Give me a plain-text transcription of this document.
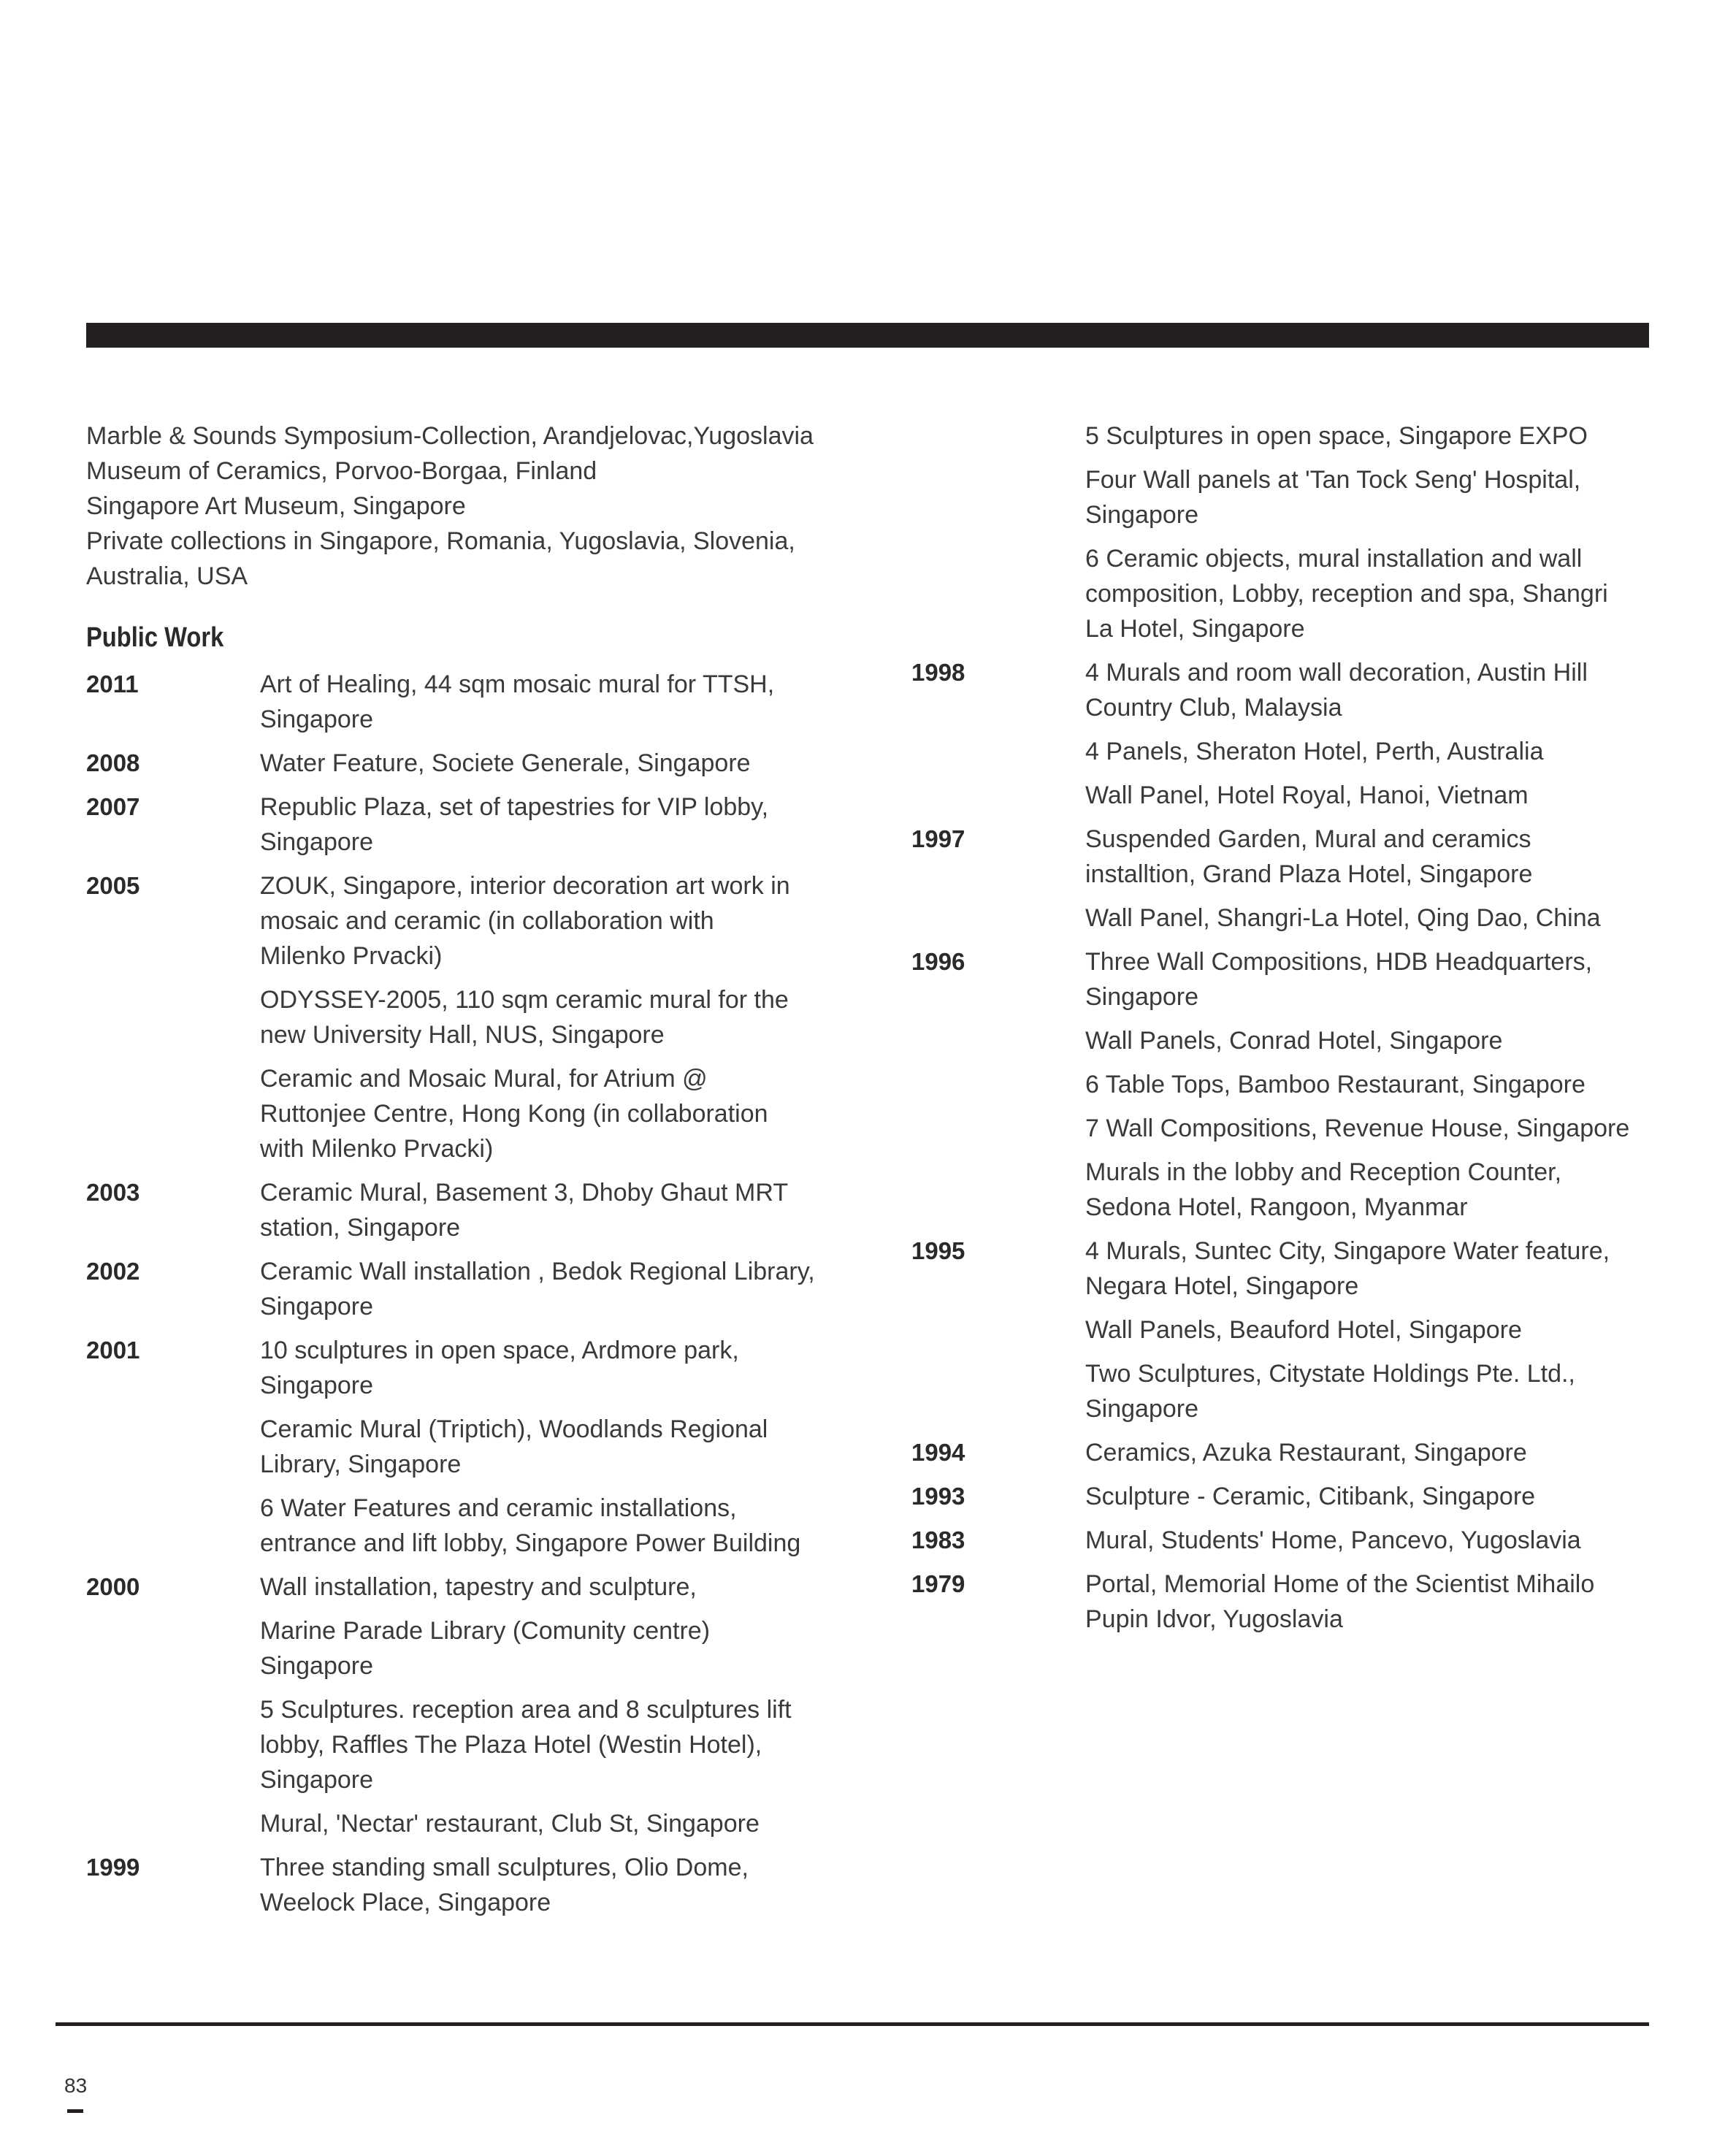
Marble & Sounds Symposium-Collection, Arandjelovac,Yugoslavia
Museum of Ceramics, Porvoo-Borgaa, Finland
Singapore Art Museum, Singapore
Private collections in Singapore, Romania, Yugoslavia, Slovenia,
Australia, USA
Public Work
2011	Art of Healing, 44 sqm mosaic mural for TTSH,
Singapore
2008	Water Feature, Societe Generale, Singapore
2007	Republic Plaza, set of tapestries for VIP lobby,
Singapore
2005	ZOUK, Singapore, interior decoration art work in
mosaic and ceramic (in collaboration with
Milenko Prvacki)
ODYSSEY-2005, 110 sqm ceramic mural for the
new University Hall, NUS, Singapore
Ceramic and Mosaic Mural, for Atrium @
Ruttonjee Centre, Hong Kong (in collaboration
with Milenko Prvacki)
2003	Ceramic Mural, Basement 3, Dhoby Ghaut MRT
station, Singapore
2002	Ceramic Wall installation , Bedok Regional Library,
Singapore
2001	10 sculptures in open space, Ardmore park,
Singapore
Ceramic Mural (Triptich), Woodlands Regional
Library, Singapore
6 Water Features and ceramic installations,
entrance and lift lobby, Singapore Power Building
2000	Wall installation, tapestry and sculpture,
Marine Parade Library (Comunity centre)
Singapore
5 Sculptures. reception area and 8 sculptures lift
lobby, Raffles The Plaza Hotel (Westin Hotel),
Singapore
Mural, 'Nectar' restaurant, Club St, Singapore
1999	Three standing small sculptures, Olio Dome,
Weelock Place, Singapore
5 Sculptures in open space, Singapore EXPO
Four Wall panels at 'Tan Tock Seng' Hospital,
Singapore
6 Ceramic objects, mural installation and wall
composition, Lobby, reception and spa, Shangri
La Hotel, Singapore
1998	4 Murals and room wall decoration, Austin Hill
Country Club, Malaysia
4 Panels, Sheraton Hotel, Perth, Australia
Wall Panel, Hotel Royal, Hanoi, Vietnam
1997	Suspended Garden, Mural and ceramics
installtion, Grand Plaza Hotel, Singapore
Wall Panel, Shangri-La Hotel, Qing Dao, China
1996	Three Wall Compositions, HDB Headquarters,
Singapore
Wall Panels, Conrad Hotel, Singapore
6 Table Tops, Bamboo Restaurant, Singapore
7 Wall Compositions, Revenue House, Singapore
Murals in the lobby and Reception Counter,
Sedona Hotel, Rangoon, Myanmar
1995	4 Murals, Suntec City, Singapore Water feature,
Negara Hotel, Singapore
Wall Panels, Beauford Hotel, Singapore
Two Sculptures, Citystate Holdings Pte. Ltd.,
Singapore
1994	Ceramics, Azuka Restaurant, Singapore
1993	Sculpture - Ceramic, Citibank, Singapore
1983	Mural, Students' Home, Pancevo, Yugoslavia
1979	Portal, Memorial Home of the Scientist Mihailo
Pupin Idvor, Yugoslavia
83
